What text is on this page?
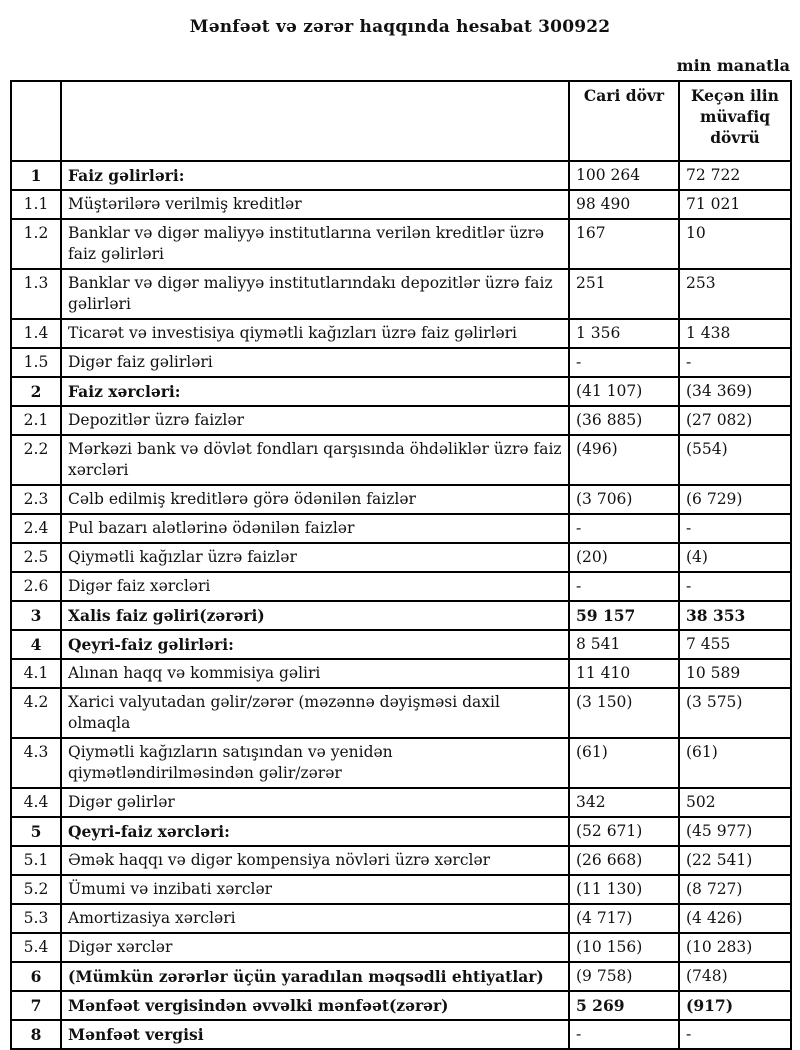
Mənfəət və zərər haqqında hesabat 300922
min manatla
		Cari dövr	Keçən ilin müvafiq dövrü
1	Faiz gəlirləri:	100 264	72 722
1.1	Müştərilərə verilmiş kreditlər	98 490	71 021
1.2	Banklar və digər maliyyə institutlarına verilən kreditlər üzrə faiz gəlirləri	167	10
1.3	Banklar və digər maliyyə institutlarındakı depozitlər üzrə faiz gəlirləri	251	253
1.4	Ticarət və investisiya qiymətli kağızları üzrə faiz gəlirləri	1 356	1 438
1.5	Digər faiz gəlirləri	-	-
2	Faiz xərcləri:	(41 107)	(34 369)
2.1	Depozitlər üzrə faizlər	(36 885)	(27 082)
2.2	Mərkəzi bank və dövlət fondları qarşısında öhdəliklər üzrə faiz xərcləri	(496)	(554)
2.3	Cəlb edilmiş kreditlərə görə ödənilən faizlər	(3 706)	(6 729)
2.4	Pul bazarı alətlərinə ödənilən faizlər	-	-
2.5	Qiymətli kağızlar üzrə faizlər	(20)	(4)
2.6	Digər faiz xərcləri	-	-
3	Xalis faiz gəliri(zərəri)	59 157	38 353
4	Qeyri-faiz gəlirləri:	8 541	7 455
4.1	Alınan haqq və kommisiya gəliri	11 410	10 589
4.2	Xarici valyutadan gəlir/zərər (məzənnə dəyişməsi daxil olmaqla	(3 150)	(3 575)
4.3	Qiymətli kağızların satışından və yenidən qiymətləndirilməsindən gəlir/zərər	(61)	(61)
4.4	Digər gəlirlər	342	502
5	Qeyri-faiz xərcləri:	(52 671)	(45 977)
5.1	Əmək haqqı və digər kompensiya növləri üzrə xərclər	(26 668)	(22 541)
5.2	Ümumi və inzibati xərclər	(11 130)	(8 727)
5.3	Amortizasiya xərcləri	(4 717)	(4 426)
5.4	Digər xərclər	(10 156)	(10 283)
6	(Mümkün zərərlər üçün yaradılan məqsədli ehtiyatlar)	(9 758)	(748)
7	Mənfəət vergisindən əvvəlki mənfəət(zərər)	5 269	(917)
8	Mənfəət vergisi	-	-
